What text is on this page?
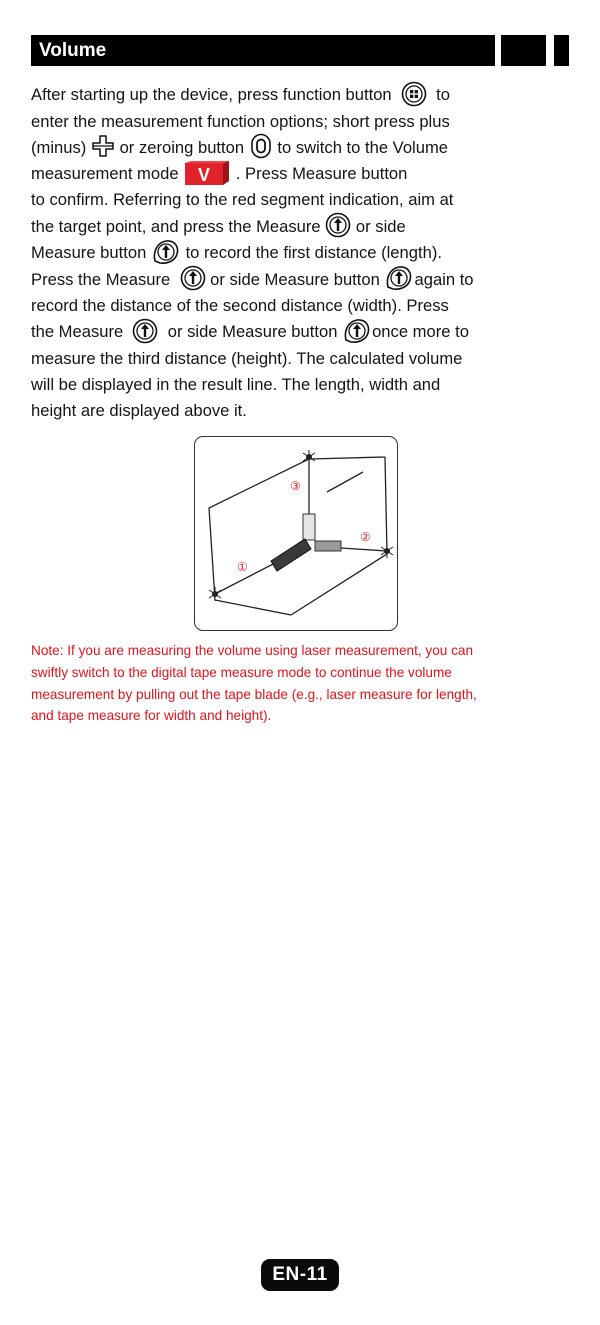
Volume

After starting up the device, press function button	to

enter the measurement function options; short press plus

(minus) or zeroing button to switch to the Volume

measurement mode V . Press Measure button

to confirm. Referring to the red segment indication, aim at

the target point, and press the Measure or side

Measure button to record the first distance (length).

Press the Measure or side Measure button again to

record the distance of the second distance (width). Press

the Measure	or side Measure button once more to

measure the third distance (height). The calculated volume

will be displayed in the result line. The length, width and

height are displayed above it.

③
②
①

Note: If you are measuring the volume using laser measurement, you can

swiftly switch to the digital tape measure mode to continue the volume

measurement by pulling out the tape blade (e.g., laser measure for length,

and tape measure for width and height).

EN-11
